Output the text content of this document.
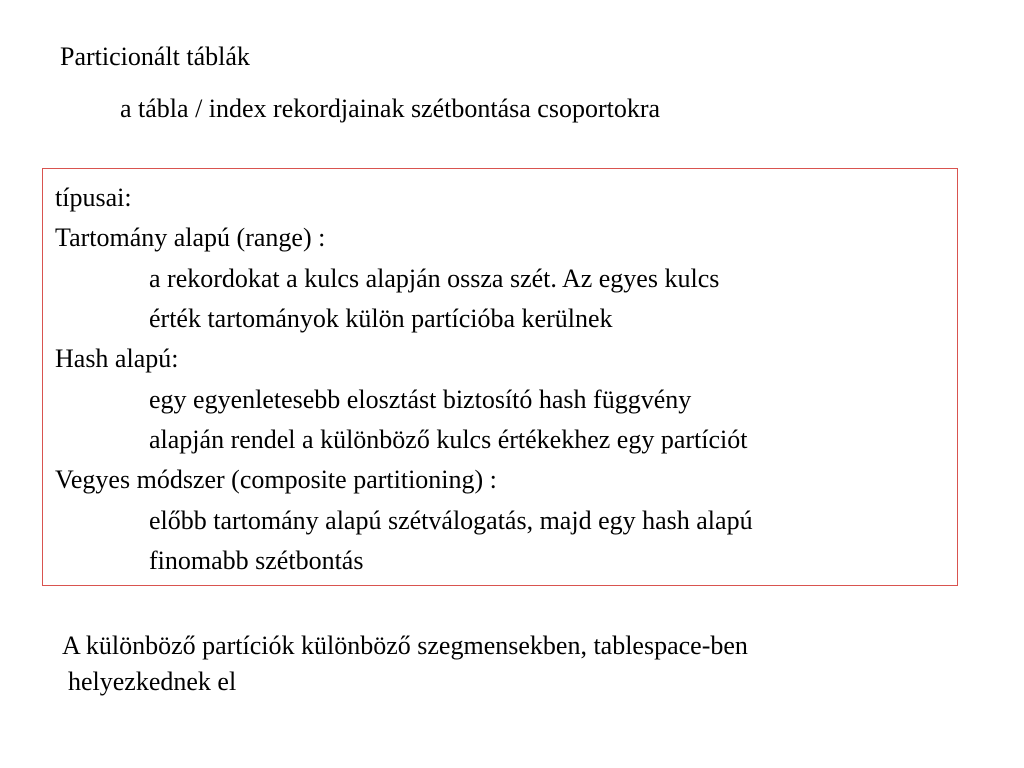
Particionált táblák
a tábla / index rekordjainak szétbontása csoportokra
típusai:
Tartomány alapú (range) :
a rekordokat a kulcs alapján ossza szét. Az egyes kulcs
érték tartományok külön partícióba kerülnek
Hash alapú:
egy egyenletesebb elosztást biztosító hash függvény
alapján rendel a különböző kulcs értékekhez egy partíciót
Vegyes módszer (composite partitioning) :
előbb tartomány alapú szétválogatás, majd egy hash alapú
finomabb szétbontás
A különböző partíciók különböző szegmensekben, tablespace-ben
helyezkednek el
